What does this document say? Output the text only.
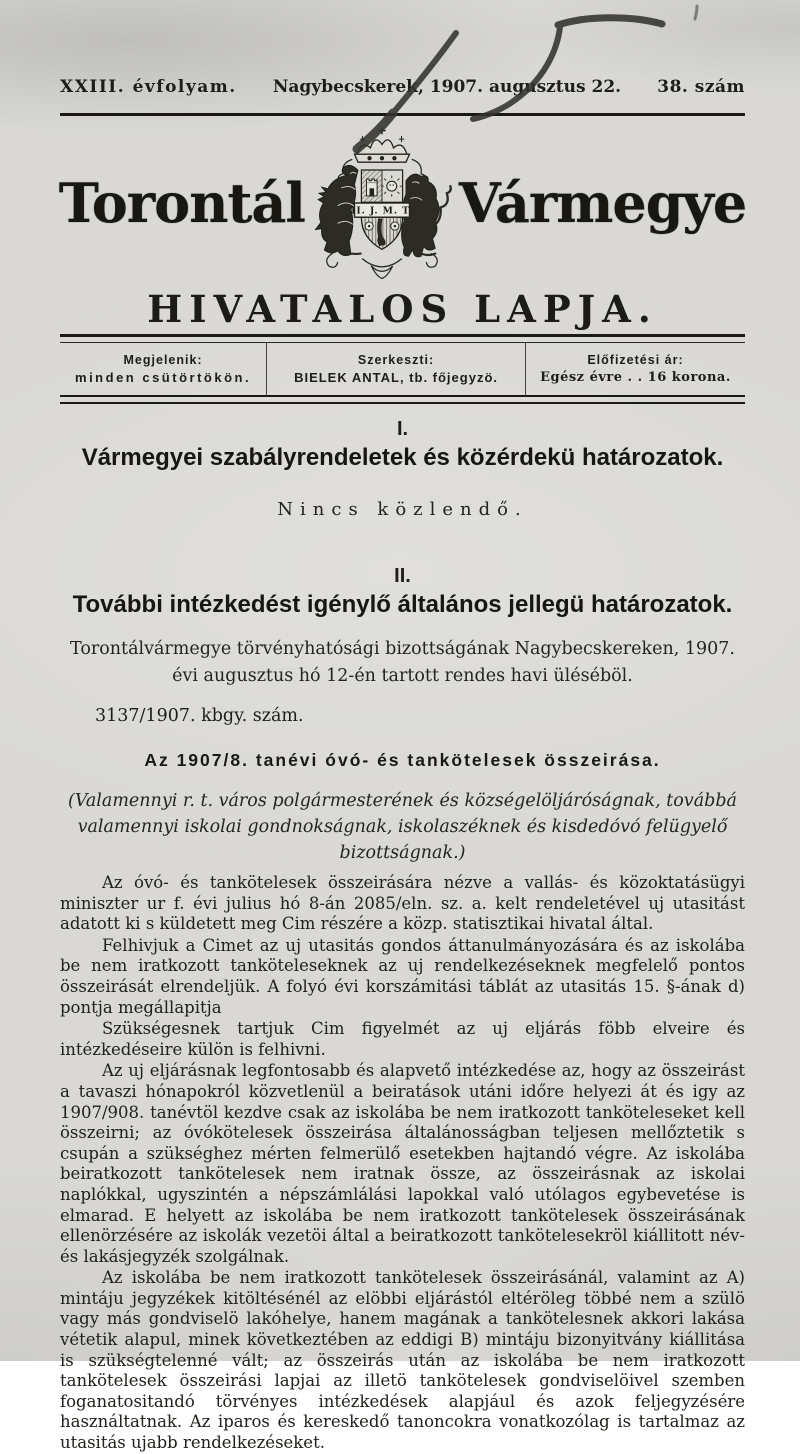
XXIII. évfolyam. Nagybecskerek, 1907. augusztus 22. 38. szám
Torontál	II. J. M. T. Vármegye
HIVATALOS LAPJA.
Megjelenik:
minden csütörtökön.
Szerkeszti:
BIELEK ANTAL, tb. főjegyzö.
Előfizetési ár:
Egész évre . . 16 korona.
I.
Vármegyei szabályrendeletek és közérdekü határozatok.
Nincs közlendő.
II.
További intézkedést igénylő általános jellegü határozatok.
Torontálvármegye törvényhatósági bizottságának Nagybecskereken, 1907. évi augusztus hó 12-én tartott rendes havi üléséböl.
3137/1907. kbgy. szám.
Az 1907/8. tanévi óvó- és tankötelesek összeirása.
(Valamennyi r. t. város polgármesterének és községelöljáróságnak, továbbá valamennyi iskolai gondnokságnak, iskolaszéknek és kisdedóvó felügyelő bizottságnak.)

Az óvó- és tankötelesek összeirására nézve a vallás- és közoktatásügyi miniszter ur f. évi julius hó 8-án 2085/eln. sz. a. kelt rendeletével uj utasitást adatott ki s küldetett meg Cim részére a közp. statisztikai hivatal által.

Felhivjuk a Cimet az uj utasitás gondos áttanulmányozására és az iskolába be nem iratkozott tanköteleseknek az uj rendelkezéseknek megfelelő pontos összeirását elrendeljük. A folyó évi korszámitási táblát az utasitás 15. §-ának d) pontja megállapitja

Szükségesnek tartjuk Cim figyelmét az uj eljárás föbb elveire és intézkedéseire külön is felhivni.

Az uj eljárásnak legfontosabb és alapvető intézkedése az, hogy az összeirást a tavaszi hónapokról közvetlenül a beiratások utáni időre helyezi át és igy az 1907/908. tanévtöl kezdve csak az iskolába be nem iratkozott tanköteleseket kell összeirni; az óvókötelesek összeirása általánosságban teljesen mellőztetik s csupán a szükséghez mérten felmerülő esetekben hajtandó végre. Az iskolába beiratkozott tankötelesek nem iratnak össze, az összeirásnak az iskolai naplókkal, ugyszintén a népszámlálási lapokkal való utólagos egybevetése is elmarad. E helyett az iskolába be nem iratkozott tankötelesek összeirásának ellenörzésére az iskolák vezetöi által a beiratkozott tankötelesekröl kiállitott név- és lakásjegyzék szolgálnak.

Az iskolába be nem iratkozott tankötelesek összeirásánál, valamint az A) mintáju jegyzékek kitöltésénél az elöbbi eljárástól eltéröleg többé nem a szülö vagy más gondviselö lakóhelye, hanem magának a tankötelesnek akkori lakása vétetik alapul, minek következtében az eddigi B) mintáju bizonyitvány kiállitása is szükségtelenné vált; az összeirás után az iskolába be nem iratkozott tankötelesek összeirási lapjai az illetö tankötelesek gondviselöivel szemben foganatositandó törvényes intézkedések alapjául és azok feljegyzésére használtatnak. Az iparos és kereskedő tanoncokra vonatkozólag is tartalmaz az utasitás ujabb rendelkezéseket.
